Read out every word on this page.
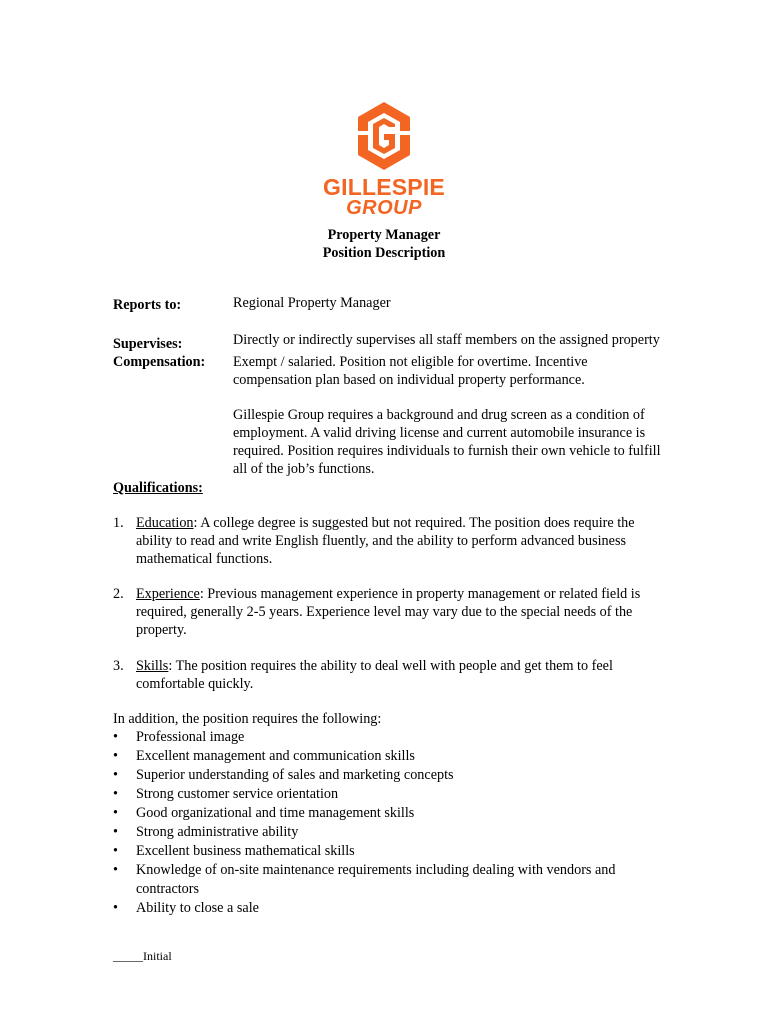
GILLESPIE
GROUP
Property Manager
Position Description
Reports to:	Regional Property Manager
Supervises:	Directly or indirectly supervises all staff members on the assigned property
Compensation: Exempt / salaried. Position not eligible for overtime. Incentive compensation plan based on individual property performance.
Gillespie Group requires a background and drug screen as a condition of employment. A valid driving license and current automobile insurance is required. Position requires individuals to furnish their own vehicle to fulfill all of the job’s functions.
Qualifications:
1. Education: A college degree is suggested but not required. The position does require the ability to read and write English fluently, and the ability to perform advanced business mathematical functions.
2. Experience: Previous management experience in property management or related field is required, generally 2-5 years. Experience level may vary due to the special needs of the property.
3. Skills: The position requires the ability to deal well with people and get them to feel comfortable quickly.
In addition, the position requires the following:
• Professional image
• Excellent management and communication skills
• Superior understanding of sales and marketing concepts
• Strong customer service orientation
• Good organizational and time management skills
• Strong administrative ability
• Excellent business mathematical skills
• Knowledge of on-site maintenance requirements including dealing with vendors and contractors
• Ability to close a sale
_____Initial
